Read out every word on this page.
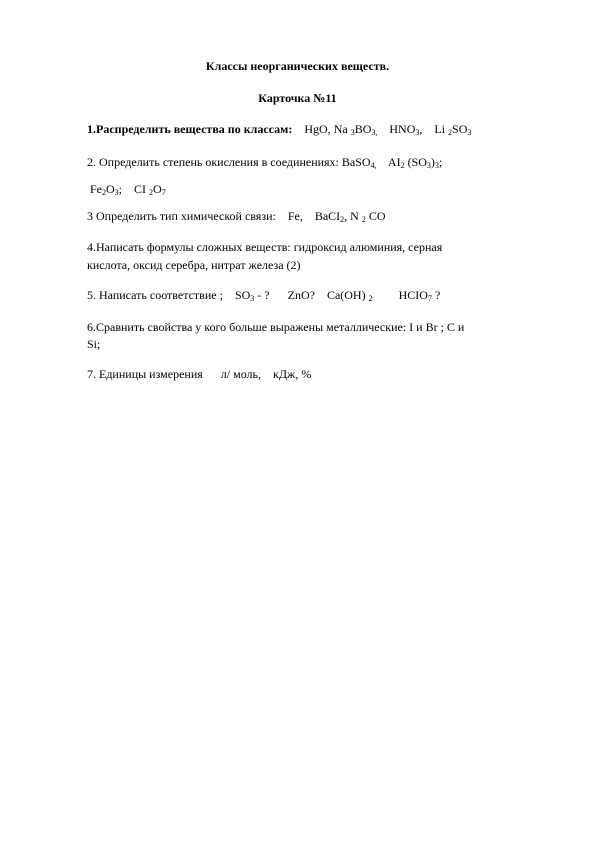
Классы неорганических веществ.
Карточка №11
1.Распределить вещества по классам: HgO, Na $_3BO_{3,}$ $HNO_3$, Li $_2SO_3$
2. Определить степень окисления в соединениях: BaSO$_{4,}$ $AI_2$ $(SO_3)_3$;
$Fe_2O_3$; CI $_2O_7$
3 Определить тип химической связи: Fe, BaCI$_2$, N $_2$ CO
4.Написать формулы сложных веществ: гидроксид алюминия, серная
кислота, оксид серебра, нитрат железа (2)
5. Написать соответствие ; $SO_3$ - ? ZnO? Ca(OH) $_2$ $HCIO_7$ ?
6.Сравнить свойства у кого больше выражены металлические: I и Br ; C и
Si;
7. Единицы измерения л/ моль, кДж, %
